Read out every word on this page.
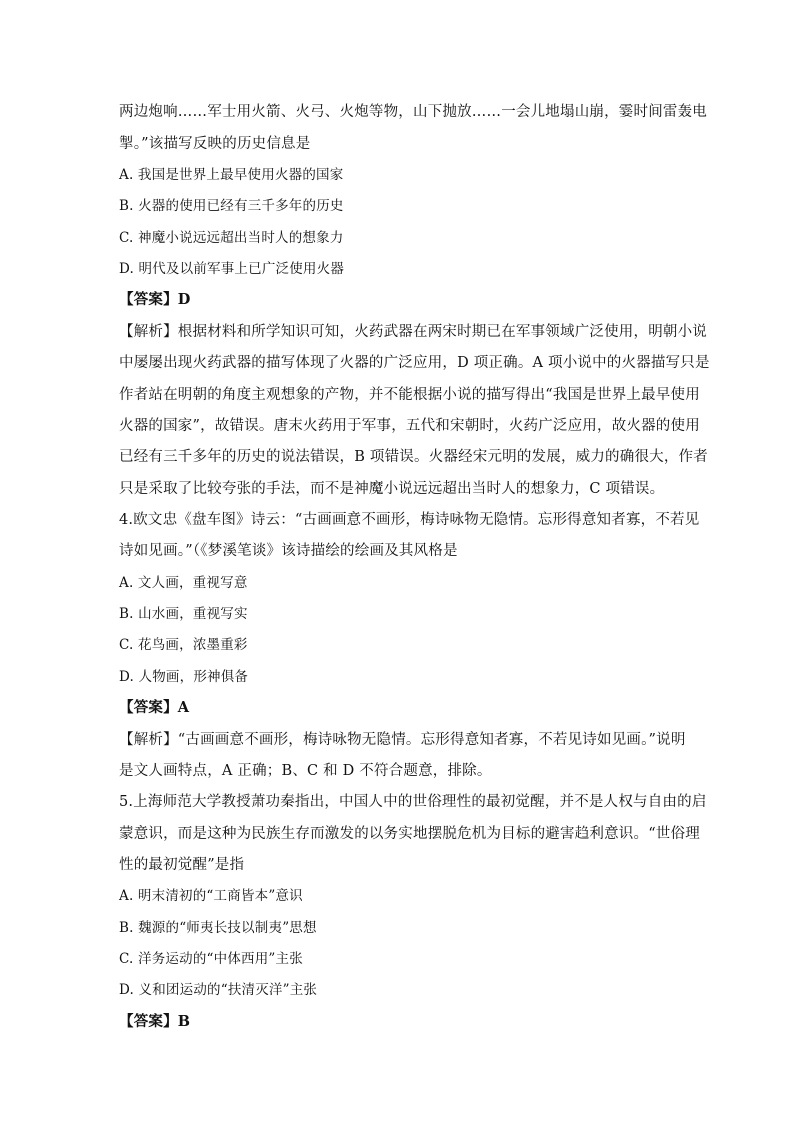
两边炮响……军士用火箭、火弓、火炮等物，山下抛放……一会儿地塌山崩，霎时间雷轰电
掣。”该描写反映的历史信息是
A. 我国是世界上最早使用火器的国家
B. 火器的使用已经有三千多年的历史
C. 神魔小说远远超出当时人的想象力
D. 明代及以前军事上已广泛使用火器
【答案】D
【解析】根据材料和所学知识可知，火药武器在两宋时期已在军事领域广泛使用，明朝小说
中屡屡出现火药武器的描写体现了火器的广泛应用，D 项正确。A 项小说中的火器描写只是
作者站在明朝的角度主观想象的产物，并不能根据小说的描写得出“我国是世界上最早使用
火器的国家”，故错误。唐末火药用于军事，五代和宋朝时，火药广泛应用，故火器的使用
已经有三千多年的历史的说法错误，B 项错误。火器经宋元明的发展，威力的确很大，作者
只是采取了比较夸张的手法，而不是神魔小说远远超出当时人的想象力，C 项错误。
4.欧文忠《盘车图》诗云：“古画画意不画形，梅诗咏物无隐情。忘形得意知者寡，不若见
诗如见画。”（《梦溪笔谈》该诗描绘的绘画及其风格是
A. 文人画，重视写意
B. 山水画，重视写实
C. 花鸟画，浓墨重彩
D. 人物画，形神俱备
【答案】A
【解析】“古画画意不画形，梅诗咏物无隐情。忘形得意知者寡，不若见诗如见画。”说明
是文人画特点，A 正确；B、C 和 D 不符合题意，排除。
5.上海师范大学教授萧功秦指出，中国人中的世俗理性的最初觉醒，并不是人权与自由的启
蒙意识，而是这种为民族生存而激发的以务实地摆脱危机为目标的避害趋利意识。“世俗理
性的最初觉醒”是指
A. 明末清初的“工商皆本”意识
B. 魏源的“师夷长技以制夷”思想
C. 洋务运动的“中体西用”主张
D. 义和团运动的“扶清灭洋”主张
【答案】B
